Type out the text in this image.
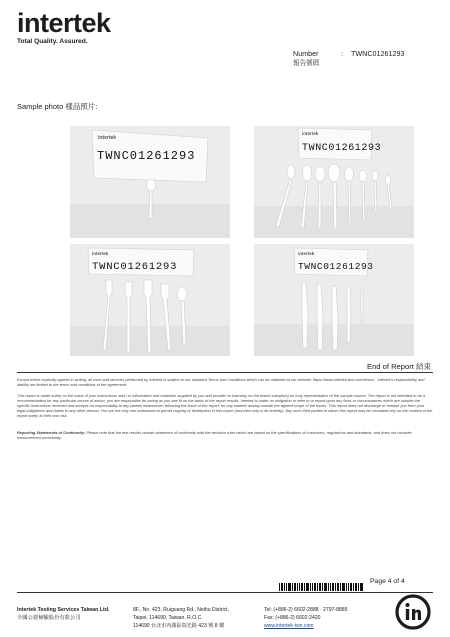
intertek
Total Quality. Assured.
Number	: TWNC01261293
報告號碼
Sample photo 樣品照片:
intertek
TWNC01261293
intertek
TWNC01261293
intertek
TWNC01261293
intertek
TWNC01261293
End of Report 結束
Except where explicitly agreed in writing, all work and services performed by Intertek is subject to our standard Terms and Conditions which can be obtained at our website: https://www.intertek-twn.com/terms/ . Intertek's responsibility and liability are limited to the terms and conditions of the agreement.
This report is made solely on the basis of your instructions and / or information and materials supplied by you and provide no warranty on the tested sample(s) be truly representative of the sample source. The report is not intended to be a recommendation for any particular course of action, you are responsible for acting as you see fit on the basis of the report results. Intertek is under no obligation to refer to or report upon any facts or circumstances which are outside the specific instructions received and accepts no responsibility to any parties whatsoever, following the issue of the report, for any matters arising outside the agreed scope of the works. This report does not discharge or release you from your legal obligations and duties to any other person. You are the only one authorized to permit copying or distribution of this report (and then only in its entirety). Any such third parties to whom this report may be circulated rely on the content of the report solely at their own risk.
Reporting Statements of Conformity: Please note that the test results contain statement of conformity with the decision rules which are based on the specifications of customers, regulations and standards, and does not consider measurement uncertainty.
Page 4 of 4
Intertek Testing Services Taiwan Ltd.
全國公證檢驗股份有限公司
8F., No. 423, Ruiguang Rd., Neihu District,
Taipei, 114690, Taiwan, R.O.C.
114690 台北市內湖區瑞光路 423 號 8 樓
Tel: (+886-2) 6602-2888 · 2797-8885
Fax: (+886-2) 6602-2420
www.intertek-twn.com
